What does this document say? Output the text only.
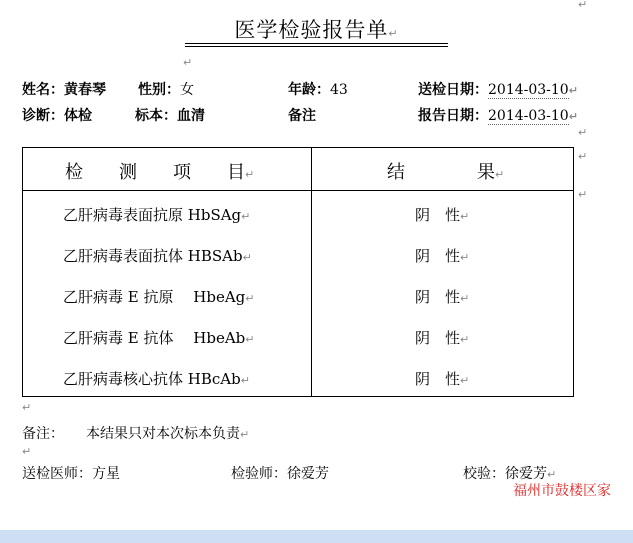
↵
医学检验报告单↵
↵
姓名：黄春琴 性别：女	年龄：43	送检日期：2014-03-10↵
诊断：体检	标本：血清	备注	报告日期：2014-03-10↵
↵
检　　测　　项　　目↵	结　　　　果↵
乙肝病毒表面抗原 HbSAg↵	阴　性↵
乙肝病毒表面抗体 HBSAb↵	阴　性↵
乙肝病毒 E 抗原　 HbeAg↵	阴　性↵
乙肝病毒 E 抗体　 HbeAb↵	阴　性↵
乙肝病毒核心抗体 HBcAb↵	阴　性↵
↵
↵
↵
备注： 本结果只对本次标本负责↵
↵
送检医师：方星	检验师：徐爱芳	校验：徐爱芳↵
福州市鼓楼区家
